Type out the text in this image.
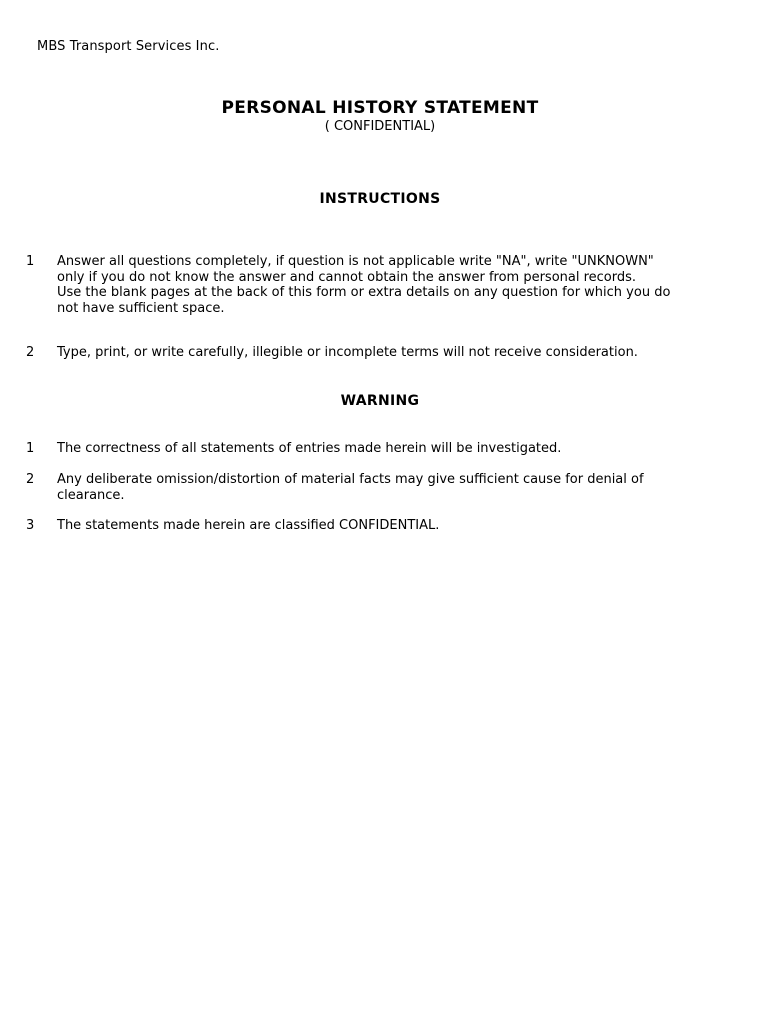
MBS Transport Services Inc.
PERSONAL HISTORY STATEMENT
( CONFIDENTIAL)
INSTRUCTIONS
1	Answer all questions completely, if question is not applicable write "NA", write "UNKNOWN"
only if you do not know the answer and cannot obtain the answer from personal records.
Use the blank pages at the back of this form or extra details on any question for which you do
not have sufficient space.
2	Type, print, or write carefully, illegible or incomplete terms will not receive consideration.
WARNING
1	The correctness of all statements of entries made herein will be investigated.
2	Any deliberate omission/distortion of material facts may give sufficient cause for denial of
clearance.
3	The statements made herein are classified CONFIDENTIAL.
